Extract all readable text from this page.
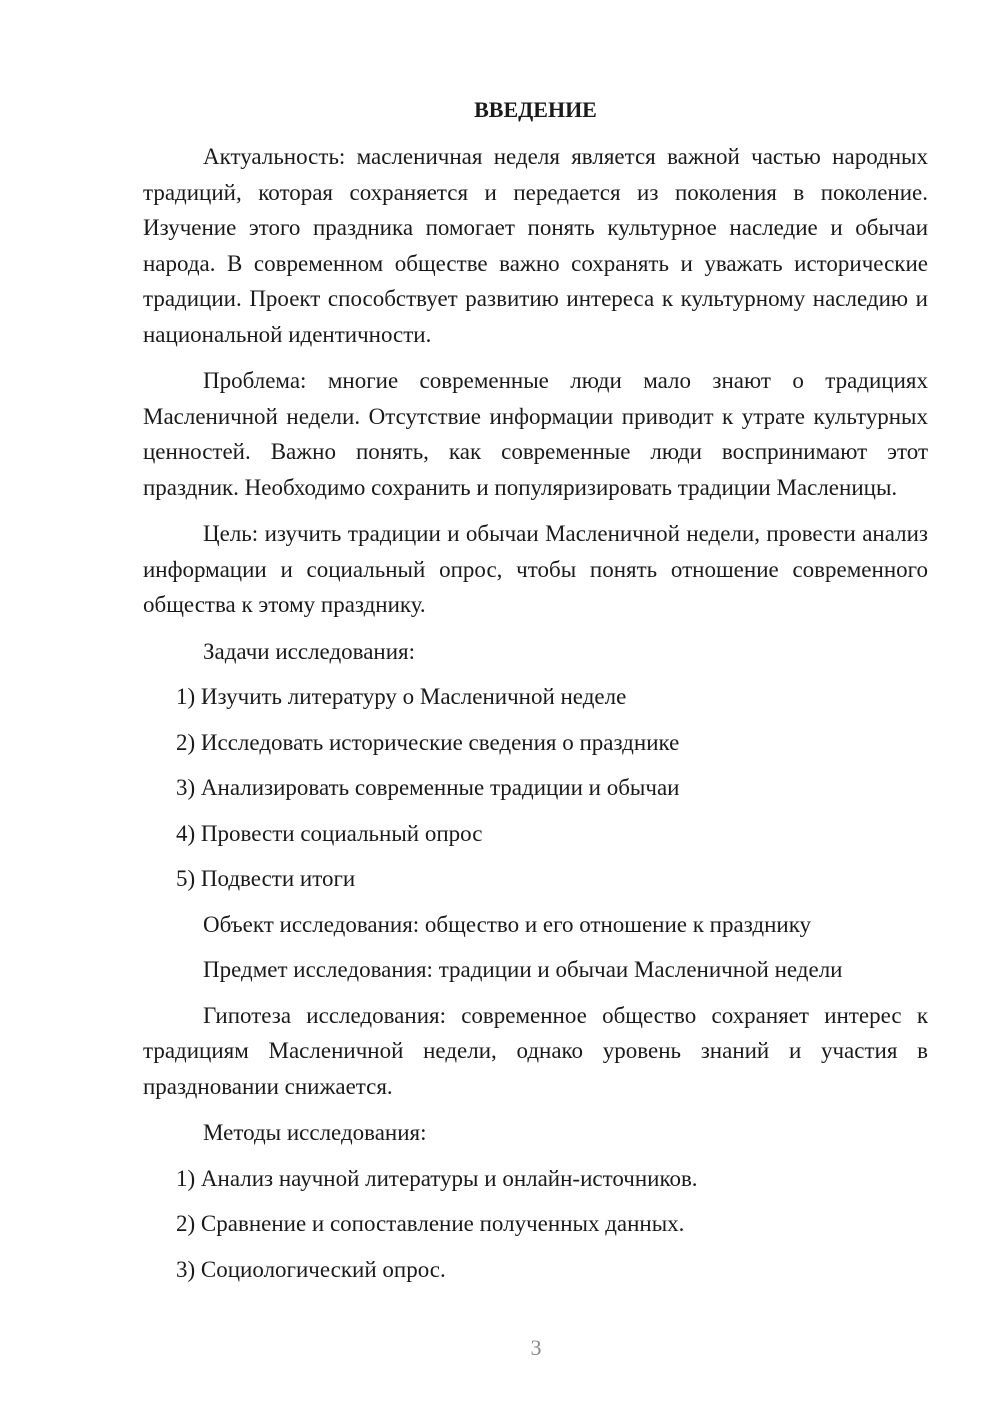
ВВЕДЕНИЕ

Актуальность: масленичная неделя является важной частью народных традиций, которая сохраняется и передается из поколения в поколение. Изучение этого праздника помогает понять культурное наследие и обычаи народа. В современном обществе важно сохранять и уважать исторические традиции. Проект способствует развитию интереса к культурному наследию и национальной идентичности.

Проблема: многие современные люди мало знают о традициях Масленичной недели. Отсутствие информации приводит к утрате культурных ценностей. Важно понять, как современные люди воспринимают этот праздник. Необходимо сохранить и популяризировать традиции Масленицы.

Цель: изучить традиции и обычаи Масленичной недели, провести анализ информации и социальный опрос, чтобы понять отношение современного общества к этому празднику.

Задачи исследования:

1) Изучить литературу о Масленичной неделе
2) Исследовать исторические сведения о празднике
3) Анализировать современные традиции и обычаи
4) Провести социальный опрос
5) Подвести итоги

Объект исследования: общество и его отношение к празднику

Предмет исследования: традиции и обычаи Масленичной недели

Гипотеза исследования: современное общество сохраняет интерес к традициям Масленичной недели, однако уровень знаний и участия в праздновании снижается.

Методы исследования:

1) Анализ научной литературы и онлайн-источников.
2) Сравнение и сопоставление полученных данных.
3) Социологический опрос.
3
